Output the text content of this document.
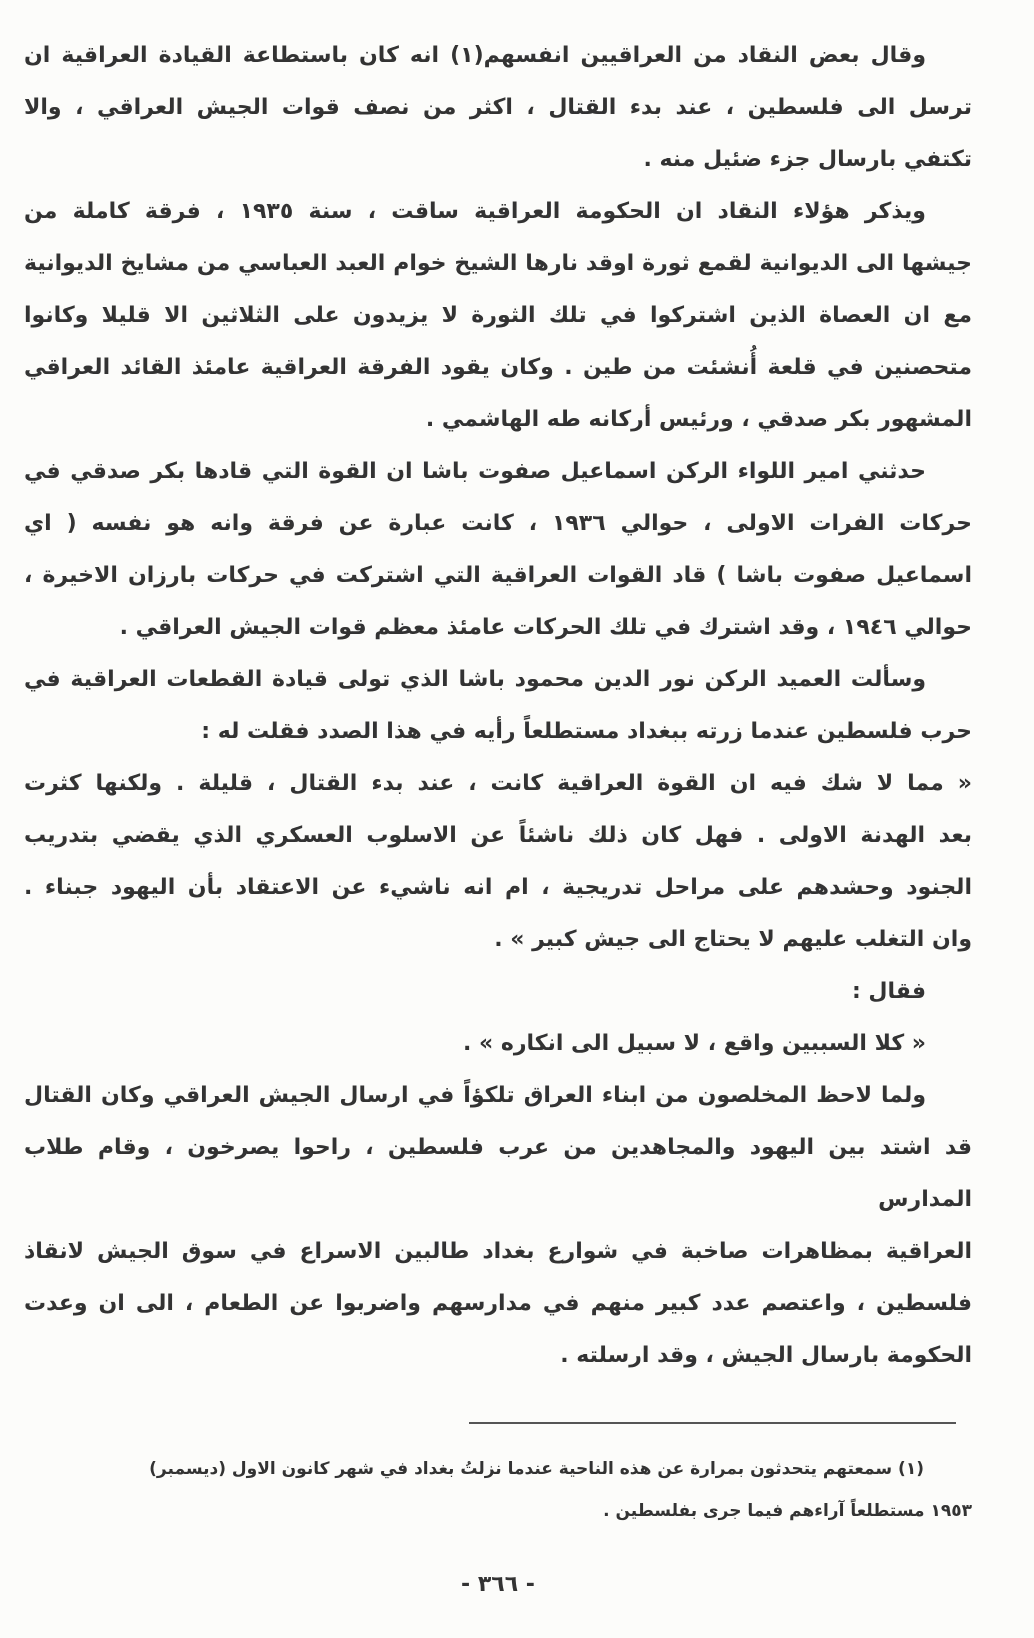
وقال بعض النقاد من العراقيين انفسهم(١) انه كان باستطاعة القيادة العراقية ان
ترسل الى فلسطين ، عند بدء القتال ، اكثر من نصف قوات الجيش العراقي ، والا
تكتفي بارسال جزء ضئيل منه .
ويذكر هؤلاء النقاد ان الحكومة العراقية ساقت ، سنة ١٩٣٥ ، فرقة كاملة من
جيشها الى الديوانية لقمع ثورة اوقد نارها الشيخ خوام العبد العباسي من مشايخ الديوانية
مع ان العصاة الذين اشتركوا في تلك الثورة لا يزيدون على الثلاثين الا قليلا وكانوا
متحصنين في قلعة أُنشئت من طين . وكان يقود الفرقة العراقية عامئذ القائد العراقي
المشهور بكر صدقي ، ورئيس أركانه طه الهاشمي .
حدثني امير اللواء الركن اسماعيل صفوت باشا ان القوة التي قادها بكر صدقي في
حركات الفرات الاولى ، حوالي ١٩٣٦ ، كانت عبارة عن فرقة وانه هو نفسه ( اي
اسماعيل صفوت باشا ) قاد القوات العراقية التي اشتركت في حركات بارزان الاخيرة ،
حوالي ١٩٤٦ ، وقد اشترك في تلك الحركات عامئذ معظم قوات الجيش العراقي .
وسألت العميد الركن نور الدين محمود باشا الذي تولى قيادة القطعات العراقية في
حرب فلسطين عندما زرته ببغداد مستطلعاً رأيه في هذا الصدد فقلت له :
« مما لا شك فيه ان القوة العراقية كانت ، عند بدء القتال ، قليلة . ولكنها كثرت
بعد الهدنة الاولى . فهل كان ذلك ناشئاً عن الاسلوب العسكري الذي يقضي بتدريب
الجنود وحشدهم على مراحل تدريجية ، ام انه ناشيء عن الاعتقاد بأن اليهود جبناء .
وان التغلب عليهم لا يحتاج الى جيش كبير » .
فقال :
« كلا السببين واقع ، لا سبيل الى انكاره » .
ولما لاحظ المخلصون من ابناء العراق تلكؤاً في ارسال الجيش العراقي وكان القتال
قد اشتد بين اليهود والمجاهدين من عرب فلسطين ، راحوا يصرخون ، وقام طلاب المدارس
العراقية بمظاهرات صاخبة في شوارع بغداد طالبين الاسراع في سوق الجيش لانقاذ
فلسطين ، واعتصم عدد كبير منهم في مدارسهم واضربوا عن الطعام ، الى ان وعدت
الحكومة بارسال الجيش ، وقد ارسلته .
(١) سمعتهم يتحدثون بمرارة عن هذه الناحية عندما نزلتُ بغداد في شهر كانون الاول (ديسمبر)
١٩٥٣ مستطلعاً آراءهم فيما جرى بفلسطين .
- ٣٦٦ -
